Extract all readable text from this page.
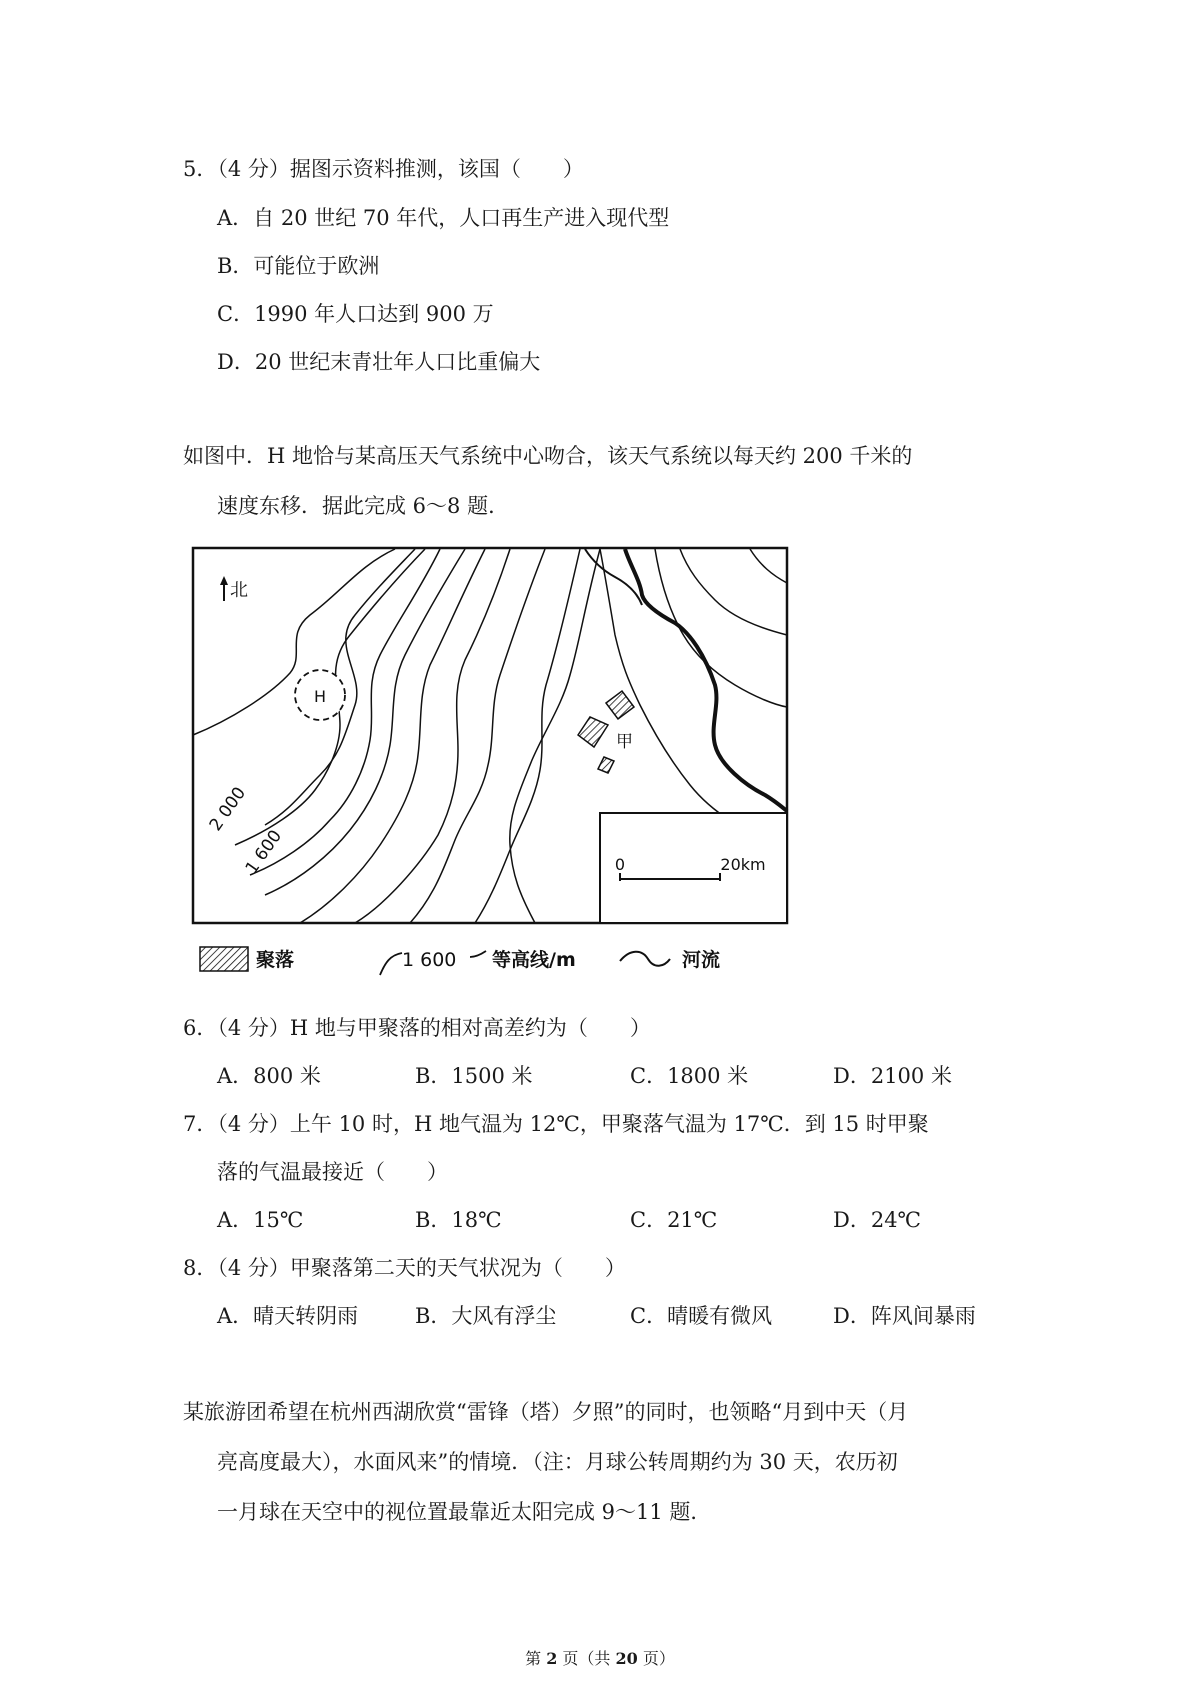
5．（4 分）据图示资料推测，该国（　　）
A．自 20 世纪 70 年代，人口再生产进入现代型
B．可能位于欧洲
C．1990 年人口达到 900 万
D．20 世纪末青壮年人口比重偏大
如图中．H 地恰与某高压天气系统中心吻合，该天气系统以每天约 200 千米的
速度东移．据此完成 6～8 题．
北
H
甲
2 000
1 600	0	20km
聚落	1 600 等高线/m	河流
6．（4 分）H 地与甲聚落的相对高差约为（　　）
A．800 米	B．1500 米	C．1800 米	D．2100 米
7．（4 分）上午 10 时，H 地气温为 12℃，甲聚落气温为 17℃．到 15 时甲聚
落的气温最接近（　　）
A．15℃	B．18℃	C．21℃	D．24℃
8．（4 分）甲聚落第二天的天气状况为（　　）
A．晴天转阴雨	B．大风有浮尘	C．晴暖有微风	D．阵风间暴雨
某旅游团希望在杭州西湖欣赏“雷锋（塔）夕照”的同时，也领略“月到中天（月
亮高度最大），水面风来”的情境．（注：月球公转周期约为 30 天，农历初
一月球在天空中的视位置最靠近太阳完成 9～11 题．
第 2 页（共 20 页）
